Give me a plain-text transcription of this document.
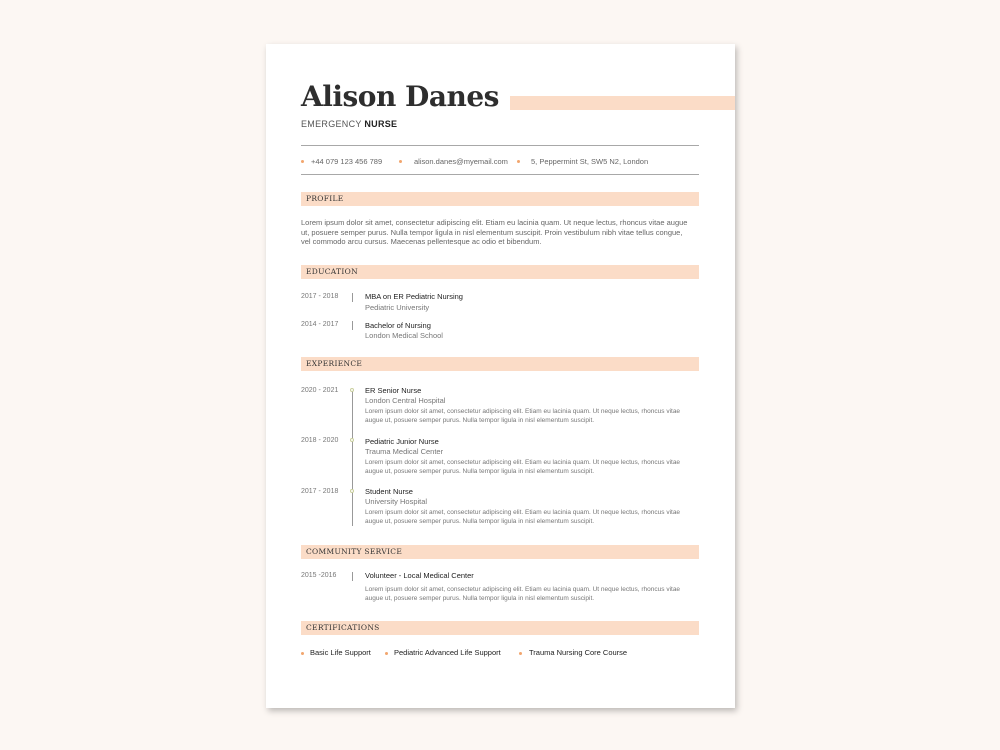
Alison Danes
EMERGENCY NURSE
+44 079 123 456 789	alison.danes@myemail.com	5, Peppermint St, SW5 N2, London
PROFILE
Lorem ipsum dolor sit amet, consectetur adipiscing elit. Etiam eu lacinia quam. Ut neque lectus, rhoncus vitae augue
ut, posuere semper purus. Nulla tempor ligula in nisl elementum suscipit. Proin vestibulum nibh vitae tellus congue,
vel commodo arcu cursus. Maecenas pellentesque ac odio et bibendum.
EDUCATION
2017 - 2018	MBA on ER Pediatric Nursing
Pediatric University
2014 - 2017	Bachelor of Nursing
London Medical School
EXPERIENCE
2020 - 2021	ER Senior Nurse
London Central Hospital
Lorem ipsum dolor sit amet, consectetur adipiscing elit. Etiam eu lacinia quam. Ut neque lectus, rhoncus vitae
augue ut, posuere semper purus. Nulla tempor ligula in nisl elementum suscipit.
2018 - 2020	Pediatric Junior Nurse
Trauma Medical Center
Lorem ipsum dolor sit amet, consectetur adipiscing elit. Etiam eu lacinia quam. Ut neque lectus, rhoncus vitae
augue ut, posuere semper purus. Nulla tempor ligula in nisl elementum suscipit.
2017 - 2018	Student Nurse
University Hospital
Lorem ipsum dolor sit amet, consectetur adipiscing elit. Etiam eu lacinia quam. Ut neque lectus, rhoncus vitae
augue ut, posuere semper purus. Nulla tempor ligula in nisl elementum suscipit.
COMMUNITY SERVICE
2015 -2016	Volunteer - Local Medical Center
Lorem ipsum dolor sit amet, consectetur adipiscing elit. Etiam eu lacinia quam. Ut neque lectus, rhoncus vitae
augue ut, posuere semper purus. Nulla tempor ligula in nisl elementum suscipit.
CERTIFICATIONS
Basic Life Support	Pediatric Advanced Life Support	Trauma Nursing Core Course
